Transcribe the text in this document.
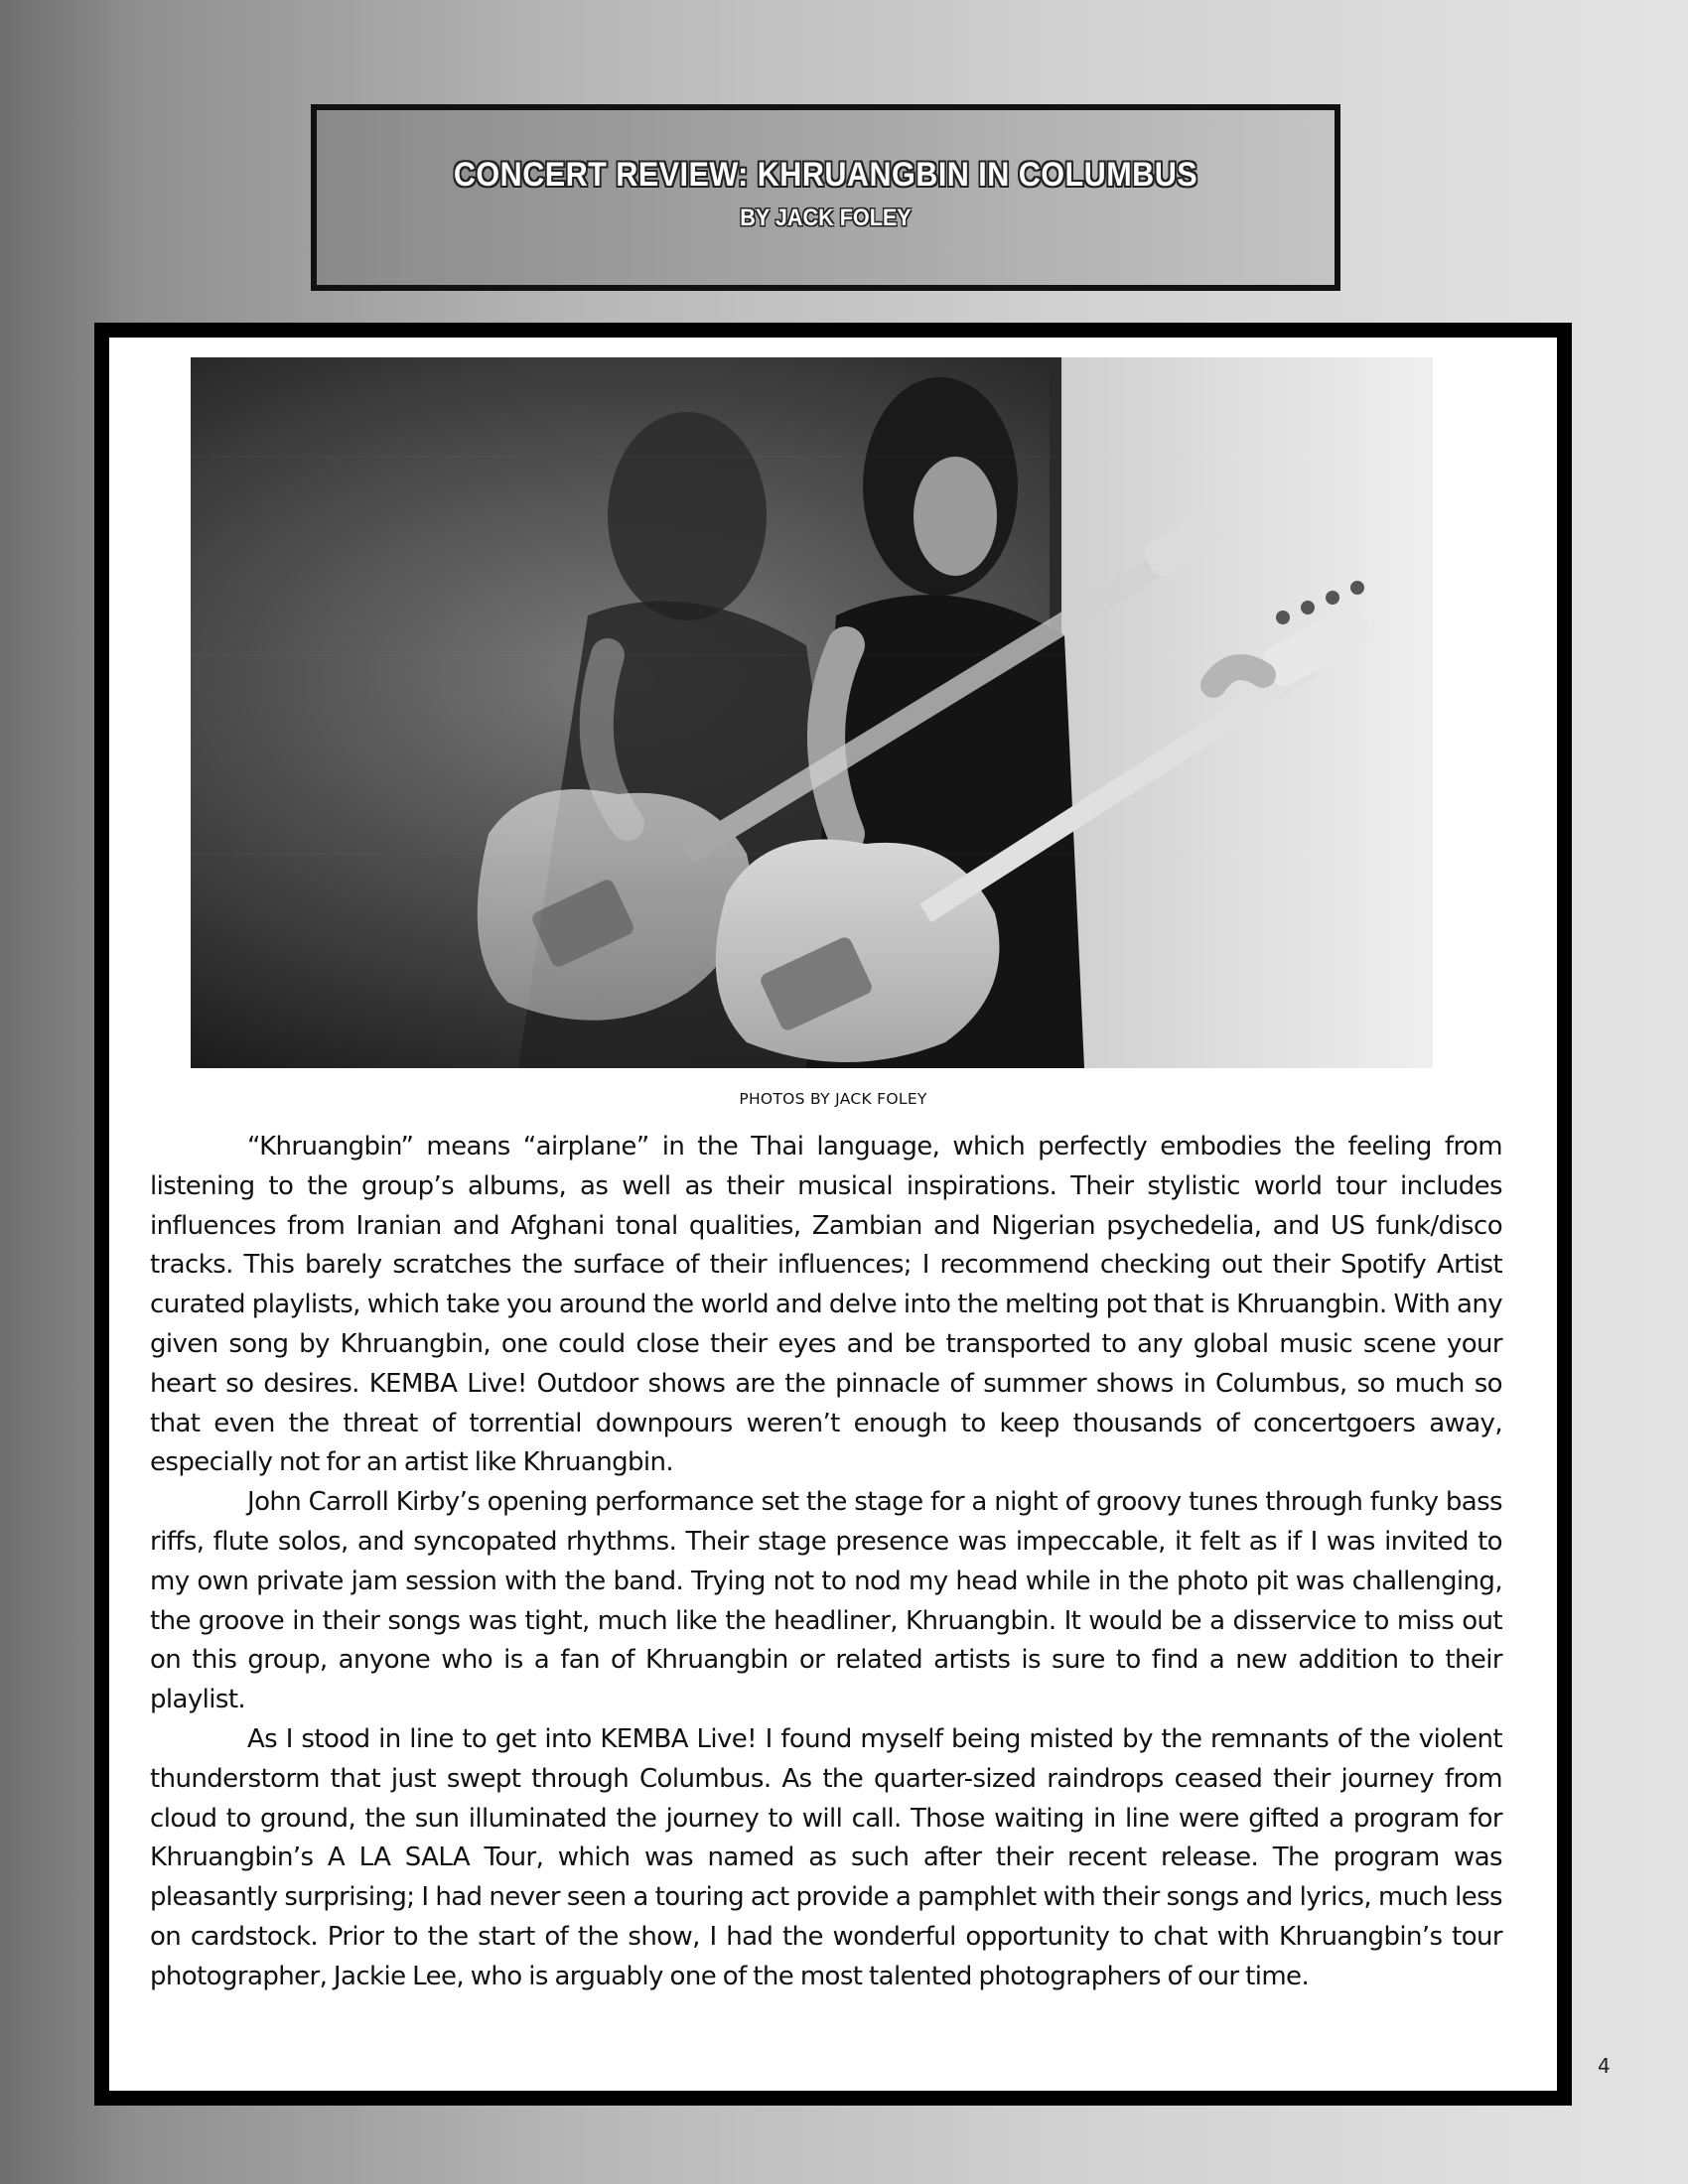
CONCERT REVIEW: KHRUANGBIN IN COLUMBUS
BY JACK FOLEY
PHOTOS BY JACK FOLEY

“Khruangbin” means “airplane” in the Thai language, which perfectly embodies the feeling from listening to the group’s albums, as well as their musical inspirations. Their stylistic world tour includes influences from Iranian and Afghani tonal qualities, Zambian and Nigerian psychedelia, and US funk/disco tracks. This barely scratches the surface of their influences; I recommend checking out their Spotify Artist curated playlists, which take you around the world and delve into the melting pot that is Khruangbin. With any given song by Khruangbin, one could close their eyes and be transported to any global music scene your heart so desires. KEMBA Live! Outdoor shows are the pinnacle of summer shows in Columbus, so much so that even the threat of torrential downpours weren’t enough to keep thousands of concertgoers away, especially not for an artist like Khruangbin.

John Carroll Kirby’s opening performance set the stage for a night of groovy tunes through funky bass riffs, flute solos, and syncopated rhythms. Their stage presence was impeccable, it felt as if I was invited to my own private jam session with the band. Trying not to nod my head while in the photo pit was challenging, the groove in their songs was tight, much like the headliner, Khruangbin. It would be a disservice to miss out on this group, anyone who is a fan of Khruangbin or related artists is sure to find a new addition to their playlist.

As I stood in line to get into KEMBA Live! I found myself being misted by the remnants of the violent thunderstorm that just swept through Columbus. As the quarter-sized raindrops ceased their journey from cloud to ground, the sun illuminated the journey to will call. Those waiting in line were gifted a program for Khruangbin’s A LA SALA Tour, which was named as such after their recent release. The program was pleasantly surprising; I had never seen a touring act provide a pamphlet with their songs and lyrics, much less on cardstock. Prior to the start of the show, I had the wonderful opportunity to chat with Khruangbin’s tour photographer, Jackie Lee, who is arguably one of the most talented photographers of our time.

4
